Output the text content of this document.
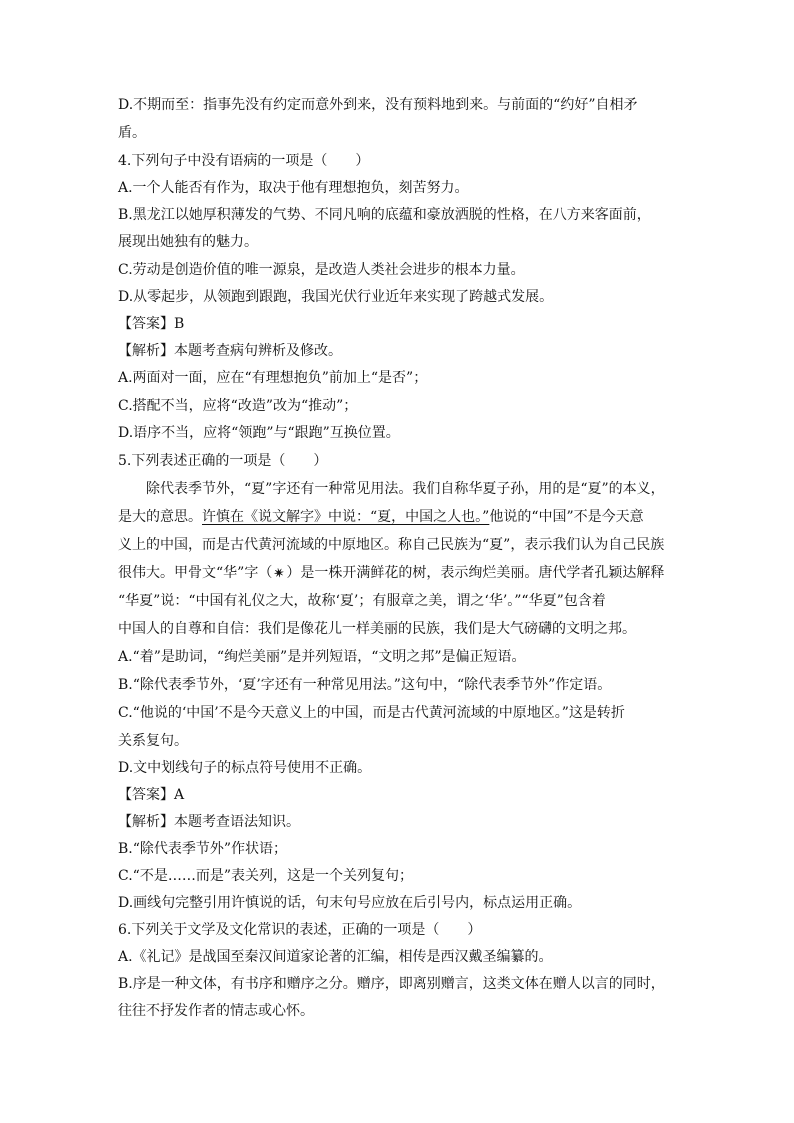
D.不期而至：指事先没有约定而意外到来，没有预料地到来。与前面的“约好”自相矛
盾。
4.下列句子中没有语病的一项是（　　）
A.一个人能否有作为，取决于他有理想抱负，刻苦努力。
B.黑龙江以她厚积薄发的气势、不同凡响的底蕴和豪放洒脱的性格，在八方来客面前，
展现出她独有的魅力。
C.劳动是创造价值的唯一源泉，是改造人类社会进步的根本力量。
D.从零起步，从领跑到跟跑，我国光伏行业近年来实现了跨越式发展。
【答案】B
【解析】本题考查病句辨析及修改。
A.两面对一面，应在“有理想抱负”前加上“是否”；
C.搭配不当，应将“改造”改为“推动”；
D.语序不当，应将“领跑”与“跟跑”互换位置。
5.下列表述正确的一项是（　　）
除代表季节外，“夏”字还有一种常见用法。我们自称华夏子孙，用的是“夏”的本义，
是大的意思。许慎在《说文解字》中说：“夏，中国之人也。”他说的“中国”不是今天意
义上的中国，而是古代黄河流域的中原地区。称自己民族为“夏”，表示我们认为自己民族
很伟大。甲骨文“华”字（✴）是一株开满鲜花的树，表示绚烂美丽。唐代学者孔颖达解释
“华夏”说：“中国有礼仪之大，故称‘夏’；有服章之美，谓之‘华’。”“华夏”包含着
中国人的自尊和自信：我们是像花儿一样美丽的民族，我们是大气磅礴的文明之邦。
A.“着”是助词，“绚烂美丽”是并列短语，“文明之邦”是偏正短语。
B.“除代表季节外，‘夏’字还有一种常见用法。”这句中，“除代表季节外”作定语。
C.“他说的‘中国’不是今天意义上的中国，而是古代黄河流域的中原地区。”这是转折
关系复句。
D.文中划线句子的标点符号使用不正确。
【答案】A
【解析】本题考查语法知识。
B.“除代表季节外”作状语；
C.“不是……而是”表关列，这是一个关列复句；
D.画线句完整引用许慎说的话，句末句号应放在后引号内，标点运用正确。
6.下列关于文学及文化常识的表述，正确的一项是（　　）
A.《礼记》是战国至秦汉间道家论著的汇编，相传是西汉戴圣编纂的。
B.序是一种文体，有书序和赠序之分。赠序，即离别赠言，这类文体在赠人以言的同时，
往往不抒发作者的情志或心怀。
